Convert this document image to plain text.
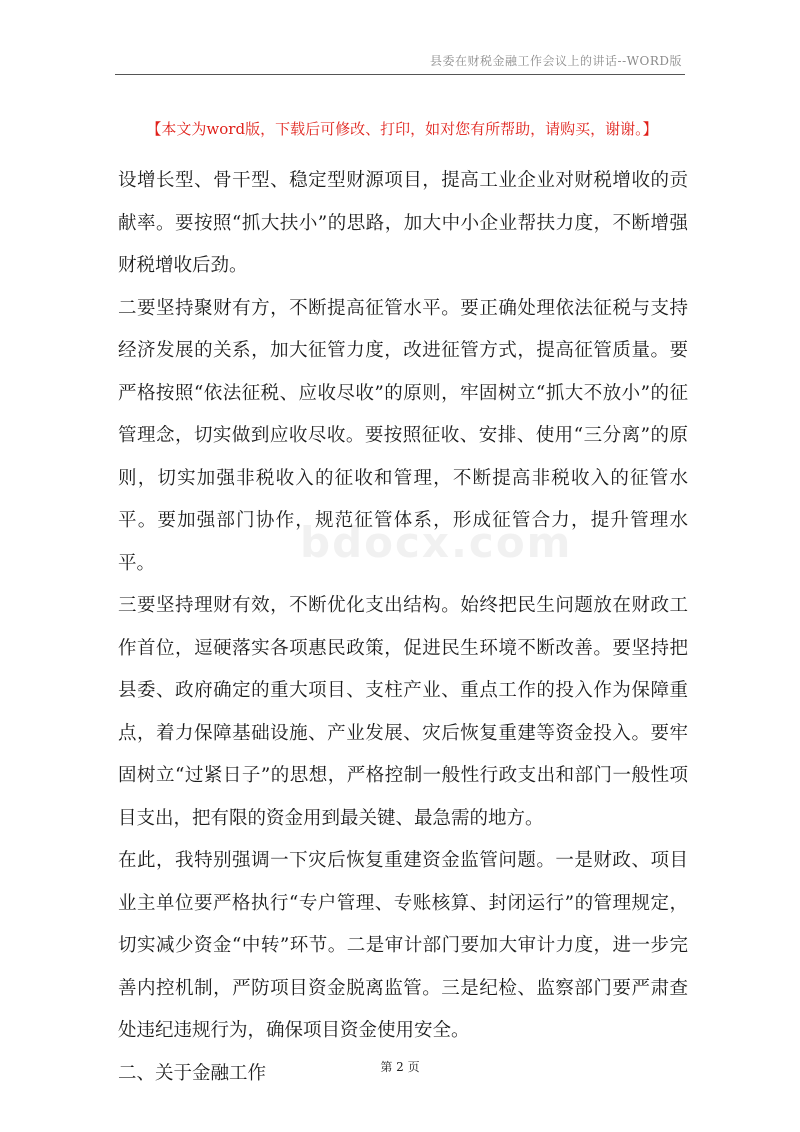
县委在财税金融工作会议上的讲话--WORD版
【本文为word版，下载后可修改、打印，如对您有所帮助，请购买，谢谢。】

设增长型、骨干型、稳定型财源项目，提高工业企业对财税增收的贡献率。要按照“抓大扶小”的思路，加大中小企业帮扶力度，不断增强财税增收后劲。

二要坚持聚财有方，不断提高征管水平。要正确处理依法征税与支持经济发展的关系，加大征管力度，改进征管方式，提高征管质量。要严格按照“依法征税、应收尽收”的原则，牢固树立“抓大不放小”的征管理念，切实做到应收尽收。要按照征收、安排、使用“三分离”的原则，切实加强非税收入的征收和管理，不断提高非税收入的征管水平。要加强部门协作，规范征管体系，形成征管合力，提升管理水平。

三要坚持理财有效，不断优化支出结构。始终把民生问题放在财政工作首位，逗硬落实各项惠民政策，促进民生环境不断改善。要坚持把县委、政府确定的重大项目、支柱产业、重点工作的投入作为保障重点，着力保障基础设施、产业发展、灾后恢复重建等资金投入。要牢固树立“过紧日子”的思想，严格控制一般性行政支出和部门一般性项目支出，把有限的资金用到最关键、最急需的地方。

在此，我特别强调一下灾后恢复重建资金监管问题。一是财政、项目业主单位要严格执行“专户管理、专账核算、封闭运行”的管理规定，切实减少资金“中转”环节。二是审计部门要加大审计力度，进一步完善内控机制，严防项目资金脱离监管。三是纪检、监察部门要严肃查处违纪违规行为，确保项目资金使用安全。

二、关于金融工作

bdocx.com
第 2 页
